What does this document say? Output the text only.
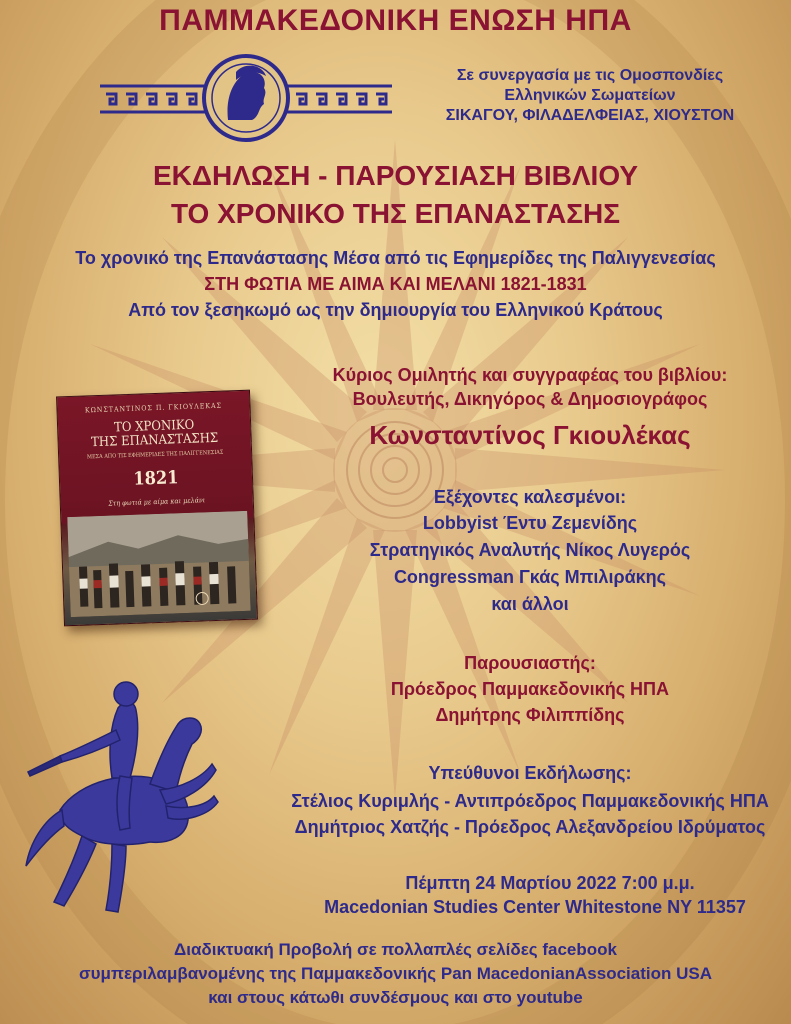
ΠΑΜΜΑΚΕΔΟΝΙΚΗ ΕΝΩΣΗ ΗΠΑ
Σε συνεργασία με τις Ομοσπονδίες
Ελληνικών Σωματείων
ΣΙΚΑΓΟΥ, ΦΙΛΑΔΕΛΦΕΙΑΣ, ΧΙΟΥΣΤΟΝ
ΕΚΔΗΛΩΣΗ - ΠΑΡΟΥΣΙΑΣΗ ΒΙΒΛΙΟΥ
ΤΟ ΧΡΟΝΙΚΟ ΤΗΣ ΕΠΑΝΑΣΤΑΣΗΣ
Το χρονικό της Επανάστασης Μέσα από τις Εφημερίδες της Παλιγγενεσίας
ΣΤΗ ΦΩΤΙΑ ΜΕ ΑΙΜΑ ΚΑΙ ΜΕΛΑΝΙ 1821-1831
Από τον ξεσηκωμό ως την δημιουργία του Ελληνικού Κράτους
ΚΩΝΣΤΑΝΤΙΝΟΣ Π. ΓΚΙΟΥΛΕΚΑΣ
ΤΟ ΧΡΟΝΙΚΟ
ΤΗΣ ΕΠΑΝΑΣΤΑΣΗΣ
ΜΕΣΑ ΑΠΟ ΤΙΣ ΕΦΗΜΕΡΙΔΕΣ ΤΗΣ ΠΑΛΙΓΓΕΝΕΣΙΑΣ
1821
Στη φωτιά με αίμα και μελάνι
Κύριος Ομιλητής και συγγραφέας του βιβλίου:
Βουλευτής, Δικηγόρος & Δημοσιογράφος
Κωνσταντίνος Γκιουλέκας
Εξέχοντες καλεσμένοι:
Lobbyist Έντυ Ζεμενίδης
Στρατηγικός Αναλυτής Νίκος Λυγερός
Congressman Γκάς Μπιλιράκης
και άλλοι
Παρουσιαστής:
Πρόεδρος Παμμακεδονικής ΗΠΑ
Δημήτρης Φιλιππίδης
Υπεύθυνοι Εκδήλωσης:
Στέλιος Κυριμλής - Αντιπρόεδρος Παμμακεδονικής ΗΠΑ
Δημήτριος Χατζής - Πρόεδρος Αλεξανδρείου Ιδρύματος
Πέμπτη 24 Μαρτίου 2022 7:00 μ.μ.
Macedonian Studies Center Whitestone NY 11357
Διαδικτυακή Προβολή σε πολλαπλές σελίδες facebook
συμπεριλαμβανομένης της Παμμακεδονικής Pan MacedonianAssociation USA
και στους κάτωθι συνδέσμους και στο youtube
